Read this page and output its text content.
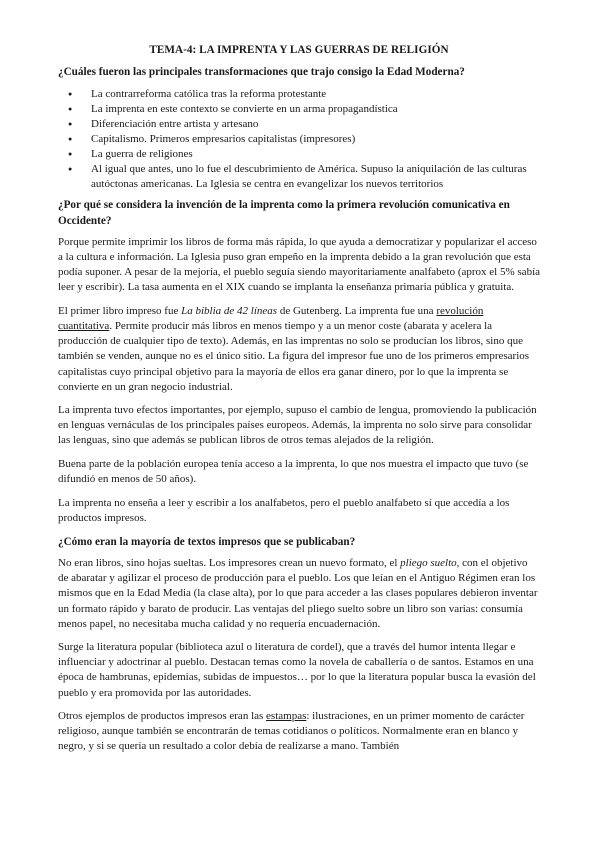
TEMA-4: LA IMPRENTA Y LAS GUERRAS DE RELIGIÓN
¿Cuáles fueron las principales transformaciones que trajo consigo la Edad Moderna?
● La contrarreforma católica tras la reforma protestante
● La imprenta en este contexto se convierte en un arma propagandística
● Diferenciación entre artista y artesano
● Capitalismo. Primeros empresarios capitalistas (impresores)
● La guerra de religiones
● Al igual que antes, uno lo fue el descubrimiento de América. Supuso la aniquilación de las culturas autóctonas americanas. La Iglesia se centra en evangelizar los nuevos territorios
¿Por qué se considera la invención de la imprenta como la primera revolución comunicativa en Occidente?

Porque permite imprimir los libros de forma más rápida, lo que ayuda a democratizar y popularizar el acceso a la cultura e información. La Iglesia puso gran empeño en la imprenta debido a la gran revolución que esta podía suponer. A pesar de la mejoría, el pueblo seguía siendo mayoritariamente analfabeto (aprox el 5% sabía leer y escribir). La tasa aumenta en el XIX cuando se implanta la enseñanza primaria pública y gratuita.

El primer libro impreso fue La biblia de 42 líneas de Gutenberg. La imprenta fue una revolución cuantitativa. Permite producir más libros en menos tiempo y a un menor coste (abarata y acelera la producción de cualquier tipo de texto). Además, en las imprentas no solo se producían los libros, sino que también se venden, aunque no es el único sitio. La figura del impresor fue uno de los primeros empresarios capitalistas cuyo principal objetivo para la mayoría de ellos era ganar dinero, por lo que la imprenta se convierte en un gran negocio industrial.

La imprenta tuvo efectos importantes, por ejemplo, supuso el cambio de lengua, promoviendo la publicación en lenguas vernáculas de los principales países europeos. Además, la imprenta no solo sirve para consolidar las lenguas, sino que además se publican libros de otros temas alejados de la religión.

Buena parte de la población europea tenía acceso a la imprenta, lo que nos muestra el impacto que tuvo (se difundió en menos de 50 años).

La imprenta no enseña a leer y escribir a los analfabetos, pero el pueblo analfabeto sí que accedía a los productos impresos.

¿Cómo eran la mayoría de textos impresos que se publicaban?

No eran libros, sino hojas sueltas. Los impresores crean un nuevo formato, el pliego suelto, con el objetivo de abaratar y agilizar el proceso de producción para el pueblo. Los que leían en el Antiguo Régimen eran los mismos que en la Edad Media (la clase alta), por lo que para acceder a las clases populares debieron inventar un formato rápido y barato de producir. Las ventajas del pliego suelto sobre un libro son varias: consumía menos papel, no necesitaba mucha calidad y no requería encuadernación.

Surge la literatura popular (biblioteca azul o literatura de cordel), que a través del humor intenta llegar e influenciar y adoctrinar al pueblo. Destacan temas como la novela de caballería o de santos. Estamos en una época de hambrunas, epidemias, subidas de impuestos… por lo que la literatura popular busca la evasión del pueblo y era promovida por las autoridades.

Otros ejemplos de productos impresos eran las estampas: ilustraciones, en un primer momento de carácter religioso, aunque también se encontrarán de temas cotidianos o políticos. Normalmente eran en blanco y negro, y si se quería un resultado a color debía de realizarse a mano. También
